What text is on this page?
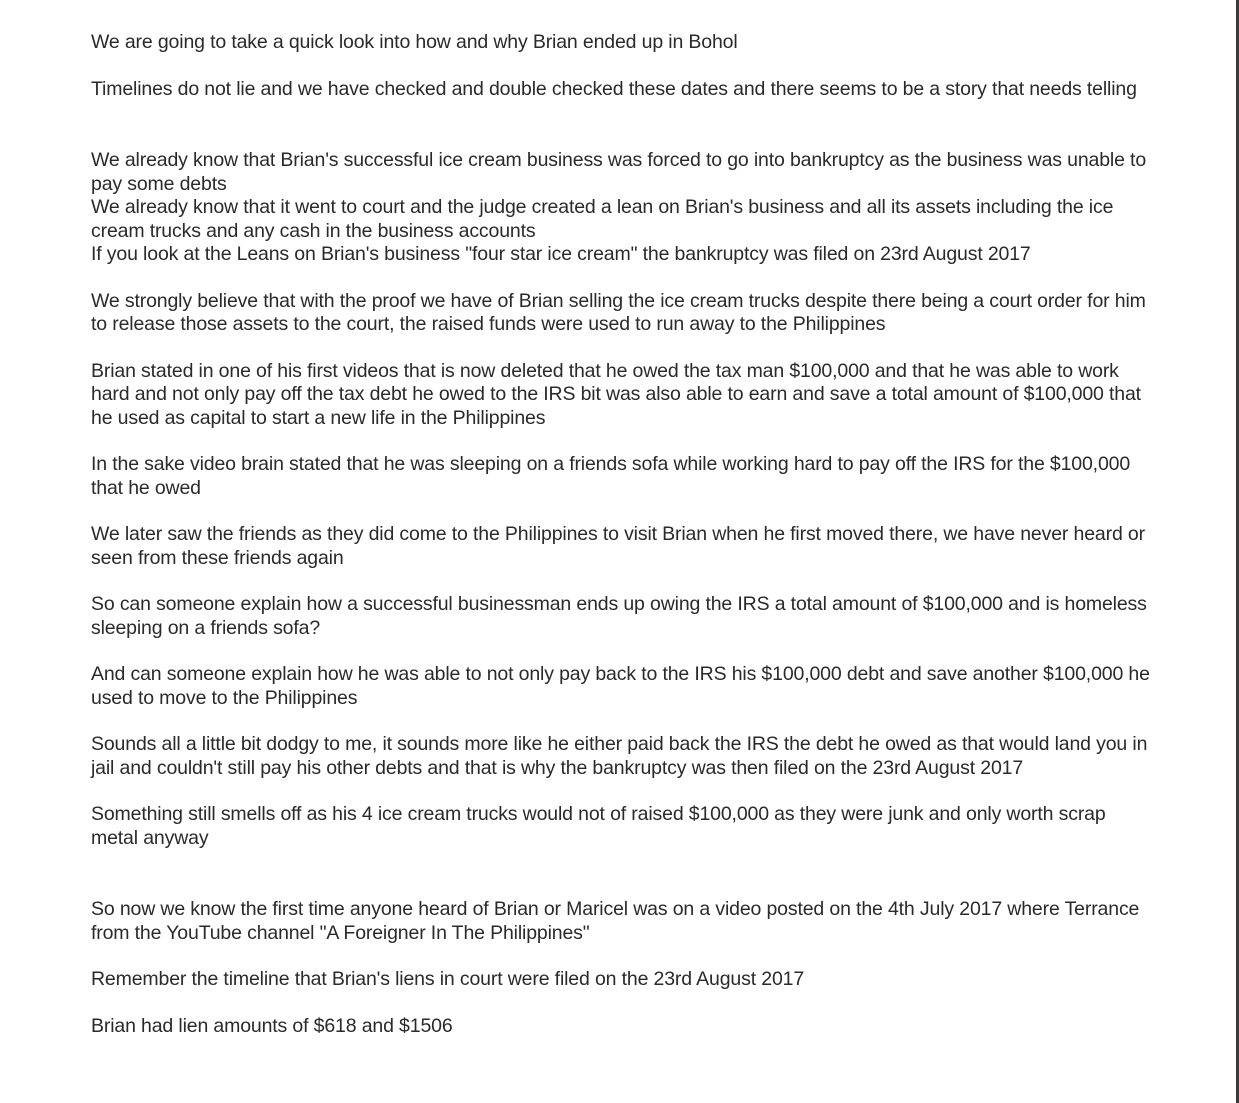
We are going to take a quick look into how and why Brian ended up in Bohol

Timelines do not lie and we have checked and double checked these dates and there seems to be a story that needs telling

We already know that Brian's successful ice cream business was forced to go into bankruptcy as the business was unable to pay some debts

We already know that it went to court and the judge created a lean on Brian's business and all its assets including the ice cream trucks and any cash in the business accounts

If you look at the Leans on Brian's business "four star ice cream" the bankruptcy was filed on 23rd August 2017

We strongly believe that with the proof we have of Brian selling the ice cream trucks despite there being a court order for him to release those assets to the court, the raised funds were used to run away to the Philippines

Brian stated in one of his first videos that is now deleted that he owed the tax man $100,000 and that he was able to work hard and not only pay off the tax debt he owed to the IRS bit was also able to earn and save a total amount of $100,000 that he used as capital to start a new life in the Philippines

In the sake video brain stated that he was sleeping on a friends sofa while working hard to pay off the IRS for the $100,000 that he owed

We later saw the friends as they did come to the Philippines to visit Brian when he first moved there, we have never heard or seen from these friends again

So can someone explain how a successful businessman ends up owing the IRS a total amount of $100,000 and is homeless sleeping on a friends sofa?

And can someone explain how he was able to not only pay back to the IRS his $100,000 debt and save another $100,000 he used to move to the Philippines

Sounds all a little bit dodgy to me, it sounds more like he either paid back the IRS the debt he owed as that would land you in jail and couldn't still pay his other debts and that is why the bankruptcy was then filed on the 23rd August 2017

Something still smells off as his 4 ice cream trucks would not of raised $100,000 as they were junk and only worth scrap metal anyway

So now we know the first time anyone heard of Brian or Maricel was on a video posted on the 4th July 2017 where Terrance from the YouTube channel "A Foreigner In The Philippines"

Remember the timeline that Brian's liens in court were filed on the 23rd August 2017

Brian had lien amounts of $618 and $1506
